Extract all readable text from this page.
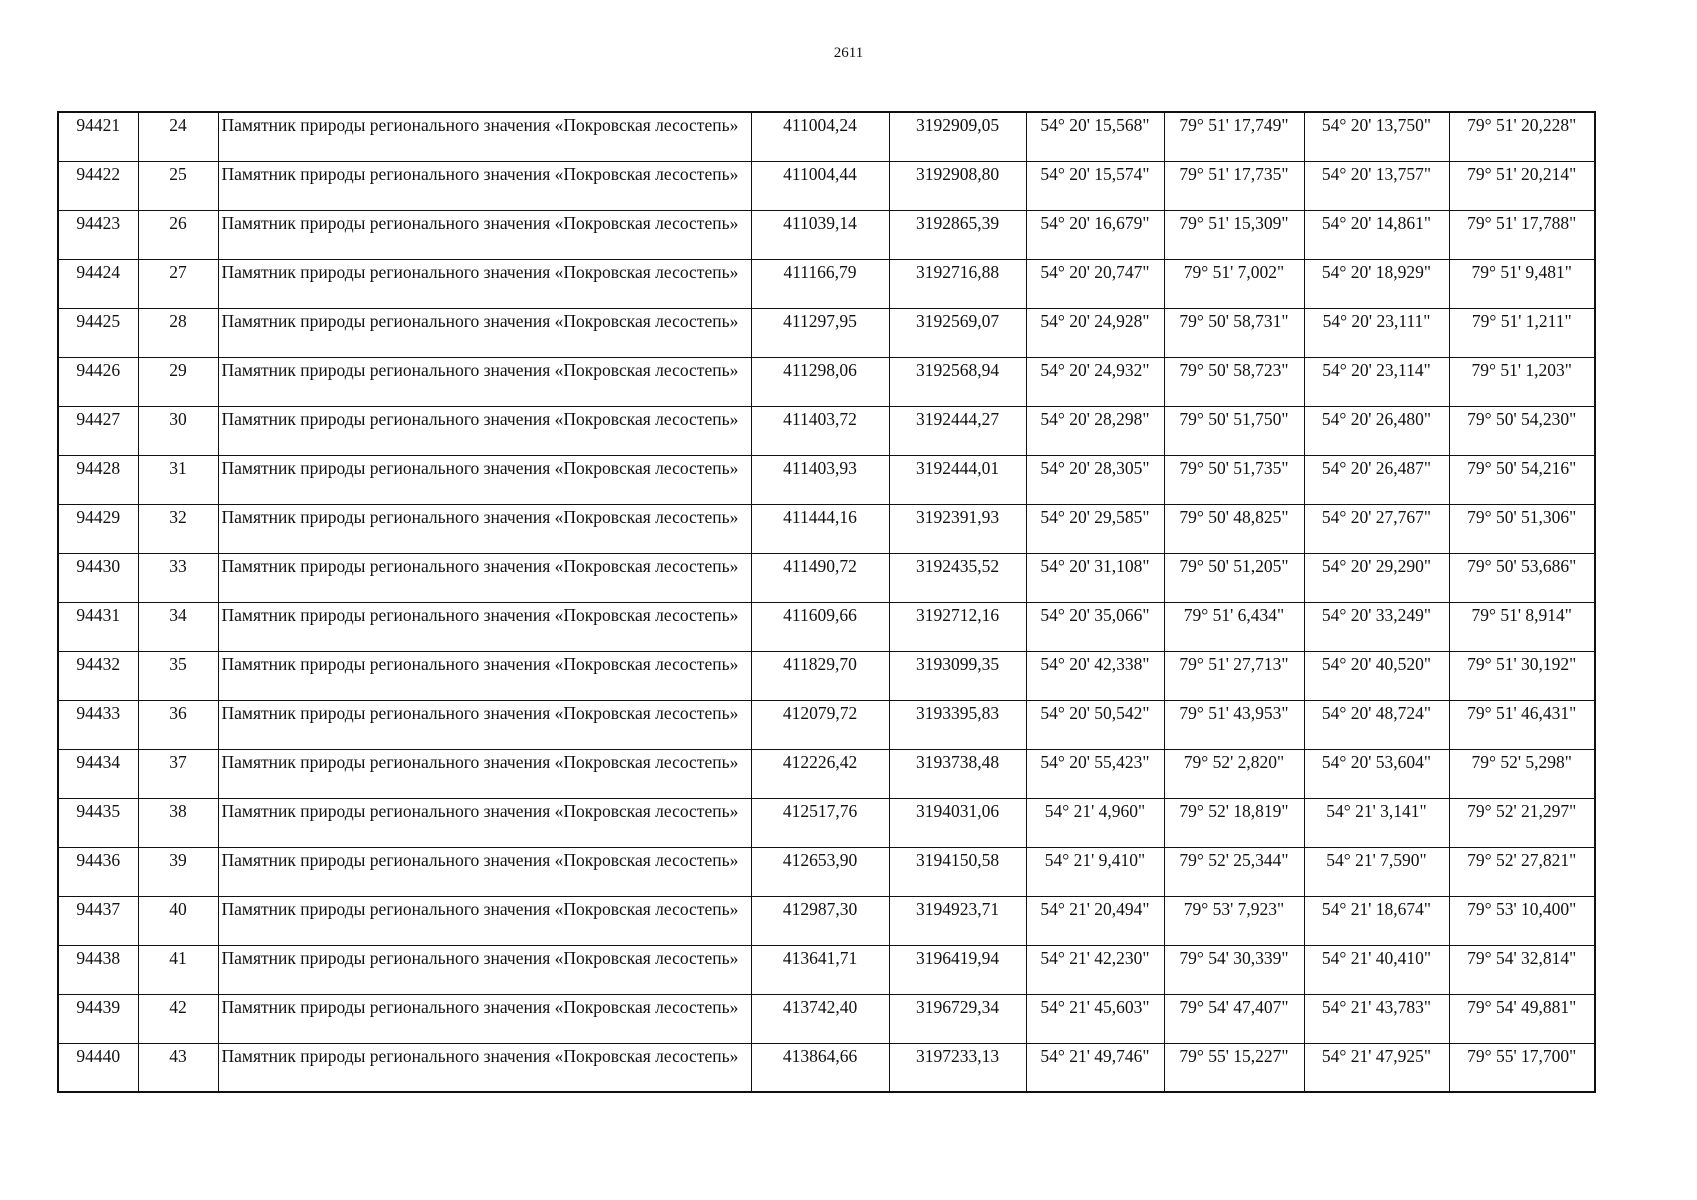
2611
94421	24	Памятник природы регионального значения «Покровская лесостепь»	411004,24	3192909,05	54° 20' 15,568"	79° 51' 17,749"	54° 20' 13,750"	79° 51' 20,228"
94422	25	Памятник природы регионального значения «Покровская лесостепь»	411004,44	3192908,80	54° 20' 15,574"	79° 51' 17,735"	54° 20' 13,757"	79° 51' 20,214"
94423	26	Памятник природы регионального значения «Покровская лесостепь»	411039,14	3192865,39	54° 20' 16,679"	79° 51' 15,309"	54° 20' 14,861"	79° 51' 17,788"
94424	27	Памятник природы регионального значения «Покровская лесостепь»	411166,79	3192716,88	54° 20' 20,747"	79° 51' 7,002"	54° 20' 18,929"	79° 51' 9,481"
94425	28	Памятник природы регионального значения «Покровская лесостепь»	411297,95	3192569,07	54° 20' 24,928"	79° 50' 58,731"	54° 20' 23,111"	79° 51' 1,211"
94426	29	Памятник природы регионального значения «Покровская лесостепь»	411298,06	3192568,94	54° 20' 24,932"	79° 50' 58,723"	54° 20' 23,114"	79° 51' 1,203"
94427	30	Памятник природы регионального значения «Покровская лесостепь»	411403,72	3192444,27	54° 20' 28,298"	79° 50' 51,750"	54° 20' 26,480"	79° 50' 54,230"
94428	31	Памятник природы регионального значения «Покровская лесостепь»	411403,93	3192444,01	54° 20' 28,305"	79° 50' 51,735"	54° 20' 26,487"	79° 50' 54,216"
94429	32	Памятник природы регионального значения «Покровская лесостепь»	411444,16	3192391,93	54° 20' 29,585"	79° 50' 48,825"	54° 20' 27,767"	79° 50' 51,306"
94430	33	Памятник природы регионального значения «Покровская лесостепь»	411490,72	3192435,52	54° 20' 31,108"	79° 50' 51,205"	54° 20' 29,290"	79° 50' 53,686"
94431	34	Памятник природы регионального значения «Покровская лесостепь»	411609,66	3192712,16	54° 20' 35,066"	79° 51' 6,434"	54° 20' 33,249"	79° 51' 8,914"
94432	35	Памятник природы регионального значения «Покровская лесостепь»	411829,70	3193099,35	54° 20' 42,338"	79° 51' 27,713"	54° 20' 40,520"	79° 51' 30,192"
94433	36	Памятник природы регионального значения «Покровская лесостепь»	412079,72	3193395,83	54° 20' 50,542"	79° 51' 43,953"	54° 20' 48,724"	79° 51' 46,431"
94434	37	Памятник природы регионального значения «Покровская лесостепь»	412226,42	3193738,48	54° 20' 55,423"	79° 52' 2,820"	54° 20' 53,604"	79° 52' 5,298"
94435	38	Памятник природы регионального значения «Покровская лесостепь»	412517,76	3194031,06	54° 21' 4,960"	79° 52' 18,819"	54° 21' 3,141"	79° 52' 21,297"
94436	39	Памятник природы регионального значения «Покровская лесостепь»	412653,90	3194150,58	54° 21' 9,410"	79° 52' 25,344"	54° 21' 7,590"	79° 52' 27,821"
94437	40	Памятник природы регионального значения «Покровская лесостепь»	412987,30	3194923,71	54° 21' 20,494"	79° 53' 7,923"	54° 21' 18,674"	79° 53' 10,400"
94438	41	Памятник природы регионального значения «Покровская лесостепь»	413641,71	3196419,94	54° 21' 42,230"	79° 54' 30,339"	54° 21' 40,410"	79° 54' 32,814"
94439	42	Памятник природы регионального значения «Покровская лесостепь»	413742,40	3196729,34	54° 21' 45,603"	79° 54' 47,407"	54° 21' 43,783"	79° 54' 49,881"
94440	43	Памятник природы регионального значения «Покровская лесостепь»	413864,66	3197233,13	54° 21' 49,746"	79° 55' 15,227"	54° 21' 47,925"	79° 55' 17,700"
